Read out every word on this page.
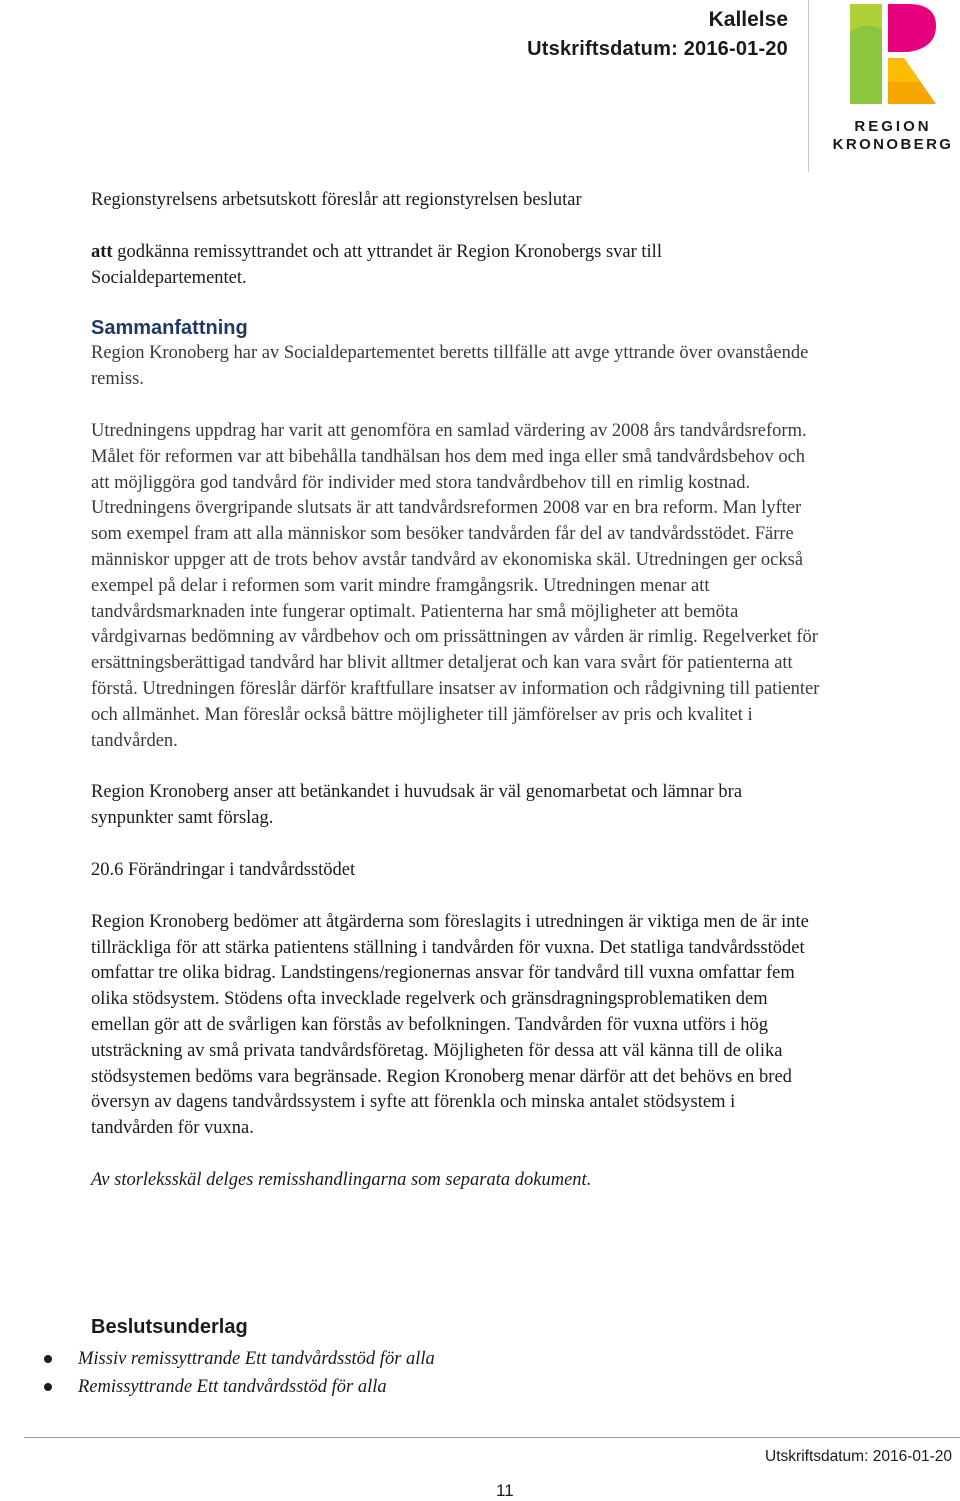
Kallelse
Utskriftsdatum: 2016-01-20
REGION
KRONOBERG

Regionstyrelsens arbetsutskott föreslår att regionstyrelsen beslutar

att godkänna remissyttrandet och att yttrandet är Region Kronobergs svar till Socialdepartementet.

Sammanfattning

Region Kronoberg har av Socialdepartementet beretts tillfälle att avge yttrande över ovanstående remiss.

Utredningens uppdrag har varit att genomföra en samlad värdering av 2008 års tandvårdsreform. Målet för reformen var att bibehålla tandhälsan hos dem med inga eller små tandvårdsbehov och att möjliggöra god tandvård för individer med stora tandvårdbehov till en rimlig kostnad. Utredningens övergripande slutsats är att tandvårdsreformen 2008 var en bra reform. Man lyfter som exempel fram att alla människor som besöker tandvården får del av tandvårdsstödet. Färre människor uppger att de trots behov avstår tandvård av ekonomiska skäl. Utredningen ger också exempel på delar i reformen som varit mindre framgångsrik. Utredningen menar att tandvårdsmarknaden inte fungerar optimalt. Patienterna har små möjligheter att bemöta vårdgivarnas bedömning av vårdbehov och om prissättningen av vården är rimlig. Regelverket för ersättningsberättigad tandvård har blivit alltmer detaljerat och kan vara svårt för patienterna att förstå. Utredningen föreslår därför kraftfullare insatser av information och rådgivning till patienter och allmänhet. Man föreslår också bättre möjligheter till jämförelser av pris och kvalitet i tandvården.

Region Kronoberg anser att betänkandet i huvudsak är väl genomarbetat och lämnar bra synpunkter samt förslag.

20.6 Förändringar i tandvårdsstödet

Region Kronoberg bedömer att åtgärderna som föreslagits i utredningen är viktiga men de är inte tillräckliga för att stärka patientens ställning i tandvården för vuxna. Det statliga tandvårdsstödet omfattar tre olika bidrag. Landstingens/regionernas ansvar för tandvård till vuxna omfattar fem olika stödsystem. Stödens ofta invecklade regelverk och gränsdragningsproblematiken dem emellan gör att de svårligen kan förstås av befolkningen. Tandvården för vuxna utförs i hög utsträckning av små privata tandvårdsföretag. Möjligheten för dessa att väl känna till de olika stödsystemen bedöms vara begränsade. Region Kronoberg menar därför att det behövs en bred översyn av dagens tandvårdssystem i syfte att förenkla och minska antalet stödsystem i tandvården för vuxna.

Av storleksskäl delges remisshandlingarna som separata dokument.

Beslutsunderlag
Missiv remissyttrande Ett tandvårdsstöd för alla
Remissyttrande Ett tandvårdsstöd för alla
Utskriftsdatum: 2016-01-20
11
